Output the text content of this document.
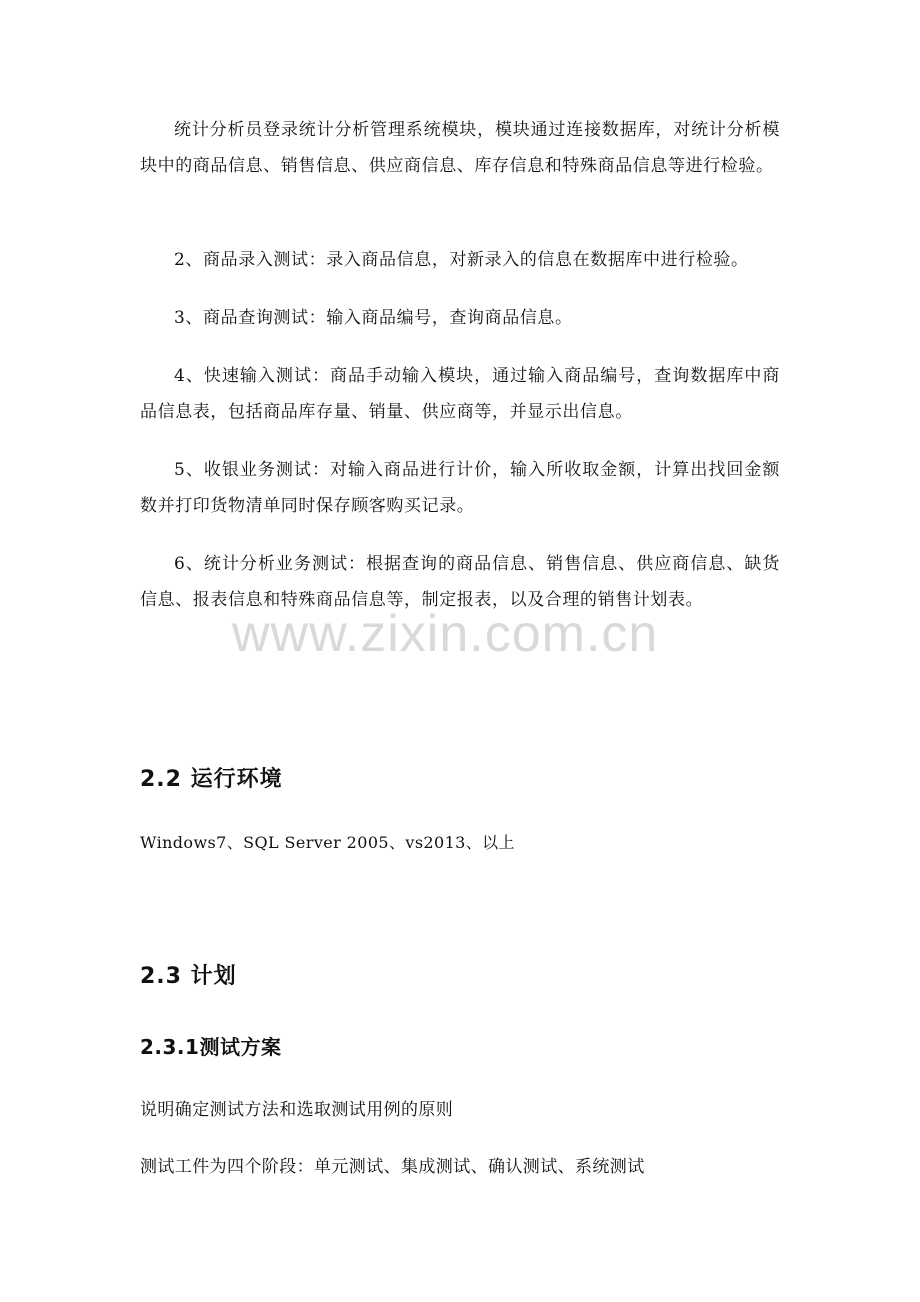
统计分析员登录统计分析管理系统模块，模块通过连接数据库，对统计分析模块中的商品信息、销售信息、供应商信息、库存信息和特殊商品信息等进行检验。

2、商品录入测试：录入商品信息，对新录入的信息在数据库中进行检验。

3、商品查询测试：输入商品编号，查询商品信息。

4、快速输入测试：商品手动输入模块，通过输入商品编号，查询数据库中商品信息表，包括商品库存量、销量、供应商等，并显示出信息。

5、收银业务测试：对输入商品进行计价，输入所收取金额，计算出找回金额数并打印货物清单同时保存顾客购买记录。

6、统计分析业务测试：根据查询的商品信息、销售信息、供应商信息、缺货信息、报表信息和特殊商品信息等，制定报表，以及合理的销售计划表。

www.zixin.com.cn
2.2 运行环境

Windows7、SQL Server 2005、vs2013、以上

2.3 计划
2.3.1测试方案

说明确定测试方法和选取测试用例的原则

测试工件为四个阶段：单元测试、集成测试、确认测试、系统测试
